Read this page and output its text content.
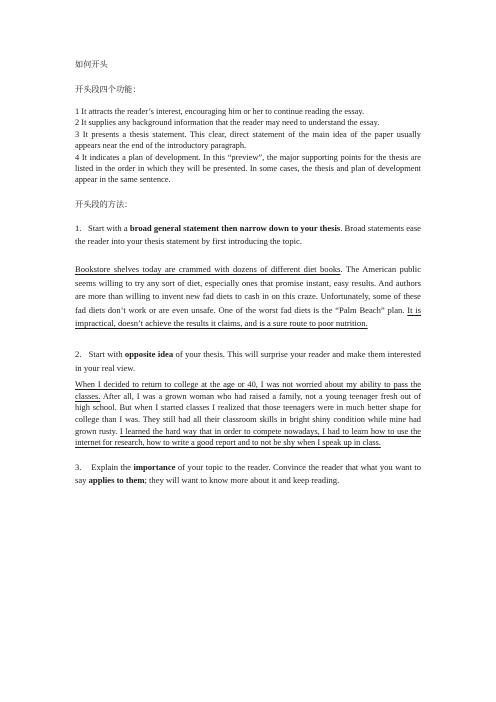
如何开头

开头段四个功能：

1 It attracts the reader’s interest, encouraging him or her to continue reading the essay.

2 It supplies any background information that the reader may need to understand the essay.

3 It presents a thesis statement. This clear, direct statement of the main idea of the paper usually appears near the end of the introductory paragraph.

4 It indicates a plan of development. In this “preview”, the major supporting points for the thesis are listed in the order in which they will be presented. In some cases, the thesis and plan of development appear in the same sentence.

开头段的方法：

1. Start with a broad general statement then narrow down to your thesis. Broad statements ease the reader into your thesis statement by first introducing the topic.

Bookstore shelves today are crammed with dozens of different diet books. The American public seems willing to try any sort of diet, especially ones that promise instant, easy results. And authors are more than willing to invent new fad diets to cash in on this craze. Unfortunately, some of these fad diets don’t work or are even unsafe. One of the worst fad diets is the “Palm Beach” plan. It is impractical, doesn’t achieve the results it claims, and is a sure route to poor nutrition.

2. Start with opposite idea of your thesis. This will surprise your reader and make them interested in your real view.

When I decided to return to college at the age or 40, I was not worried about my ability to pass the classes. After all, I was a grown woman who had raised a family, not a young teenager fresh out of high school. But when I started classes I realized that those teenagers were in much better shape for college than I was. They still had all their classroom skills in bright shiny condition while mine had grown rusty. I learned the hard way that in order to compete nowadays, I had to learn how to use the internet for research, how to write a good report and to not be shy when I speak up in class.

3. Explain the importance of your topic to the reader. Convince the reader that what you want to say applies to them; they will want to know more about it and keep reading.
